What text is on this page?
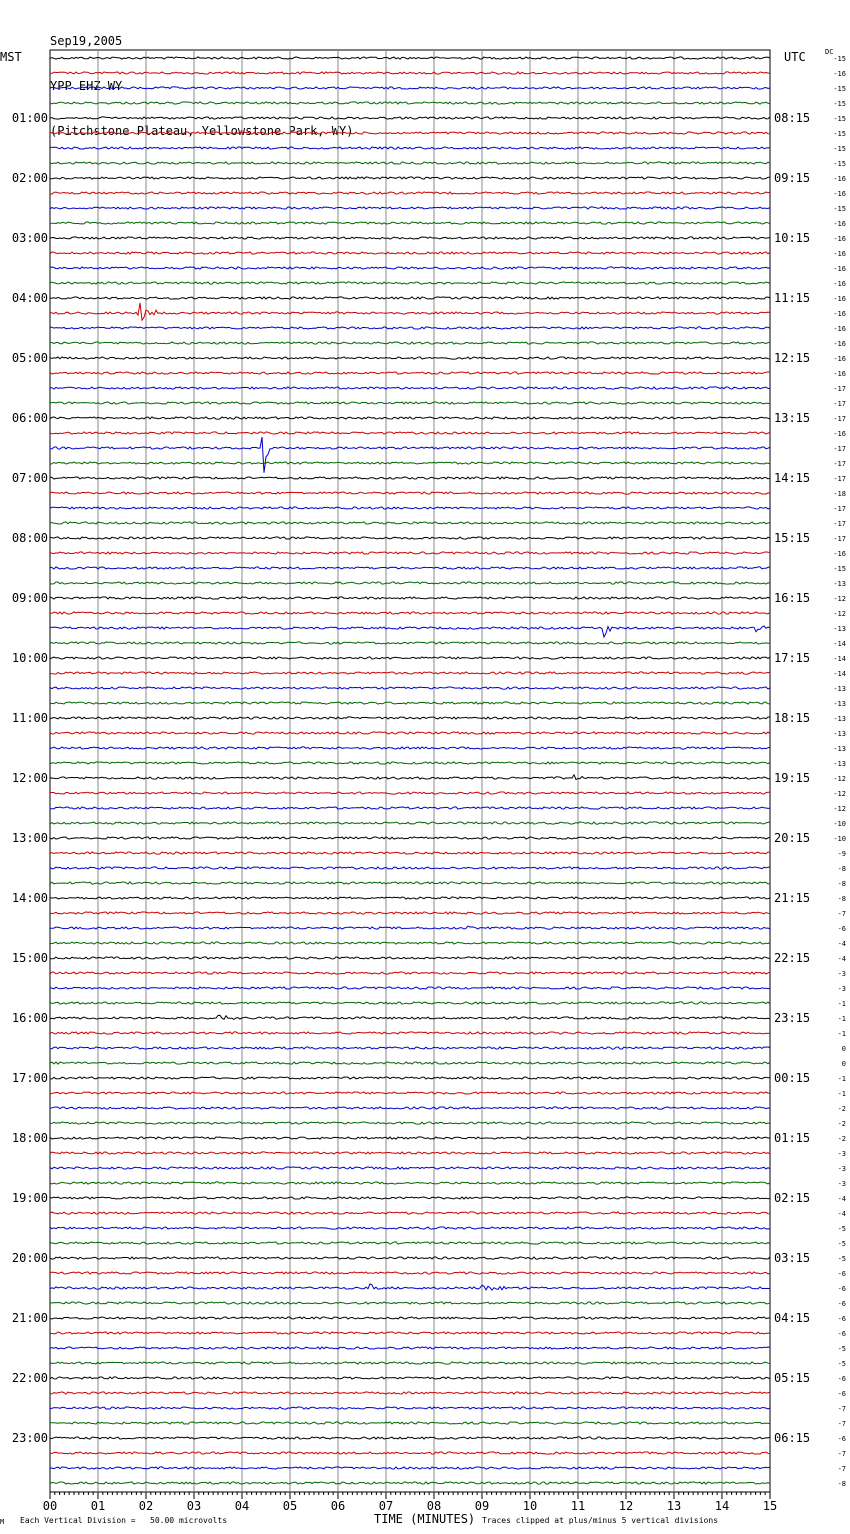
Sep19,2005

YPP EHZ WY

(Pitchstone Plateau, Yellowstone Park, WY)

00	01	02	03	04	05	06	07	08	09	10	11	12	13	14	15
-15
-16
-15
-15
-15
-15
-15
-15
-16
-16
-15
-16
-16
-16
-16
-16
-16
-16
-16
-16
-16
-16
-17
-17
-17
-16
-17
-17
-17
-18
-17
-17
-17
-16
-15
-13
-12
-12
-13
-14
-14
-14
-13
-13
-13
-13
-13
-13
-12
-12
-12
-10
-10
-9
-8
-8
-8
-7
-6
-4
-4
-3
-3
-1
-1
-1
0
0
-1
-1
-2
-2
-2
-3
-3
-3
-4
-4
-5
-5
-5
-6
-6
-6
-6
-6
-5
-5
-6
-6
-7
-7
-6
-7
-7
-8
01:00
02:00
03:00
04:00
05:00
06:00
07:00
08:00
09:00
10:00
11:00
12:00
13:00
14:00
15:00
16:00
17:00
18:00
19:00
20:00
21:00
22:00
23:00
08:15
09:15
10:15
11:15
12:15
13:15
14:15
15:15
16:15
17:15
18:15
19:15
20:15
21:15
22:15
23:15
00:15
01:15
02:15
03:15
04:15
05:15
06:15
MST	UTC	DC
M Each Vertical Division =   50.00 microvolts	TIME (MINUTES) Traces clipped at plus/minus 5 vertical divisions
